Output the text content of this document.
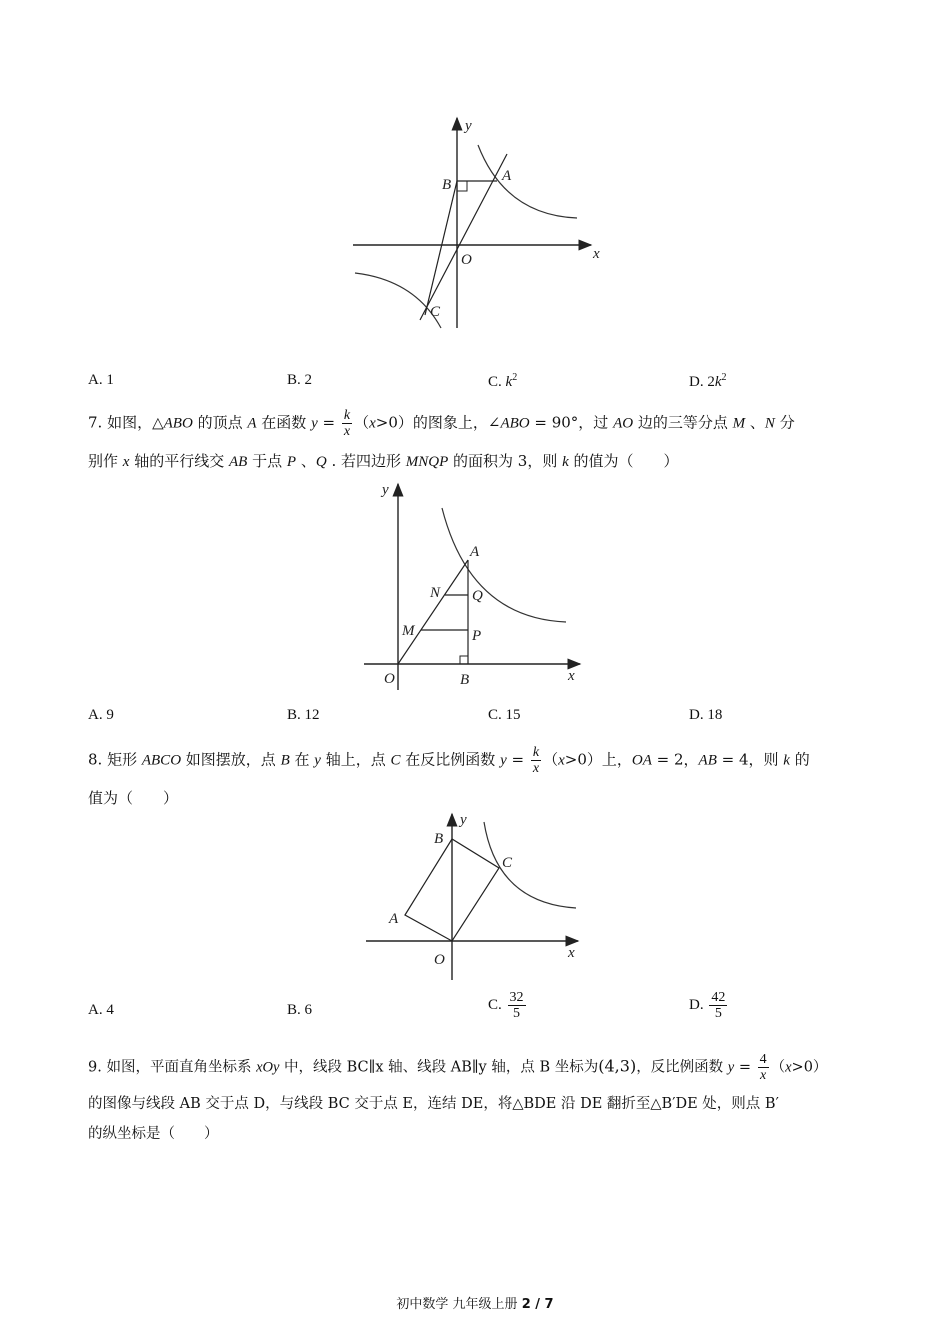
y
x
B
A
O
C
A. 1	B. 2	C. $k^2$	D. $2k^2$
7. 如图，△ABO 的顶点 A 在函数 $y = \frac{k}{x} (x>0)$的图象上，∠ABO = 90°，过 AO 边的三等分点 M 、N 分
别作 x 轴的平行线交 AB 于点 P 、Q . 若四边形 MNQP 的面积为 3，则 k 的值为（　　）
y
x
A
N Q
M	P
O	B
A. 9	B. 12	C. 15	D. 18
8. 矩形 ABCO 如图摆放，点 B 在 y 轴上，点 C 在反比例函数 $y = \frac{k}{x} (x>0)$上，OA = 2，AB = 4，则 k 的
值为（　　）
B
y
C
A
O	x
A. 4	B. 6	C. $\frac{32}{5}$	D. $\frac{42}{5}$
9. 如图，平面直角坐标系 xOy 中，线段 BC∥x 轴、线段 AB∥y 轴，点 B 坐标为(4,3)，反比例函数 $y = \frac{4}{x} (x>0)$
的图像与线段 AB 交于点 D，与线段 BC 交于点 E，连结 DE，将△BDE 沿 DE 翻折至△B′DE 处，则点 B′
的纵坐标是（　　）
初中数学 九年级上册 2 / 7
